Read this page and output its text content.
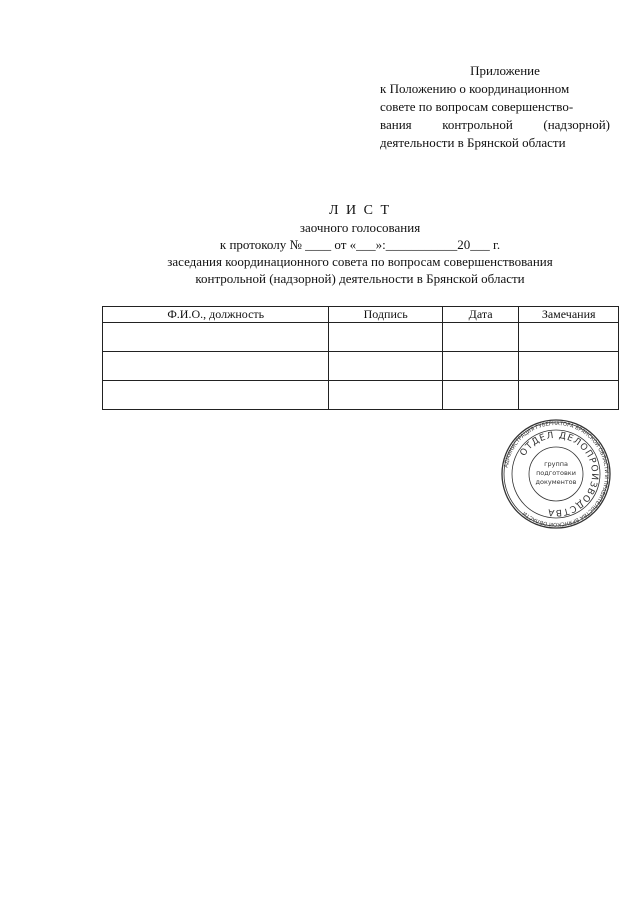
Приложение
к Положению о координационном
совете по вопросам совершенство-
вания контрольной (надзорной)
деятельности в Брянской области
Л И С Т
заочного голосования
к протоколу № ____ от «___»:___________20___ г.
заседания координационного совета по вопросам совершенствования
контрольной (надзорной) деятельности в Брянской области
Ф.И.О., должность	Подпись	Дата	Замечания

АДМИНИСТРАЦИЯ ГУБЕРНАТОРА БРЯНСКОЙ ОБЛАСТИ И ПРАВИТЕЛЬСТВА БРЯНСКОЙ ОБЛАСТИ
ОТДЕЛ ДЕЛОПРОИЗВОДСТВА
группа
подготовки
документов
